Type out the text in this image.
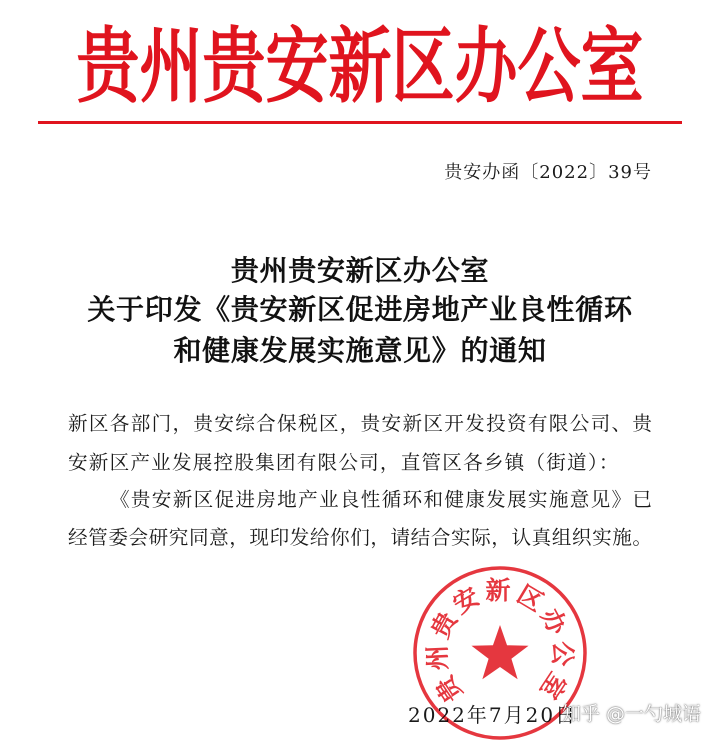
贵州贵安新区办公室
贵安办函〔2022〕39号
贵州贵安新区办公室
关于印发《贵安新区促进房地产业良性循环
和健康发展实施意见》的通知
新区各部门，贵安综合保税区，贵安新区开发投资有限公司、贵
安新区产业发展控股集团有限公司，直管区各乡镇（街道）：
《贵安新区促进房地产业良性循环和健康发展实施意见》已
经管委会研究同意，现印发给你们，请结合实际，认真组织实施。
2022年7月20日
贵州贵安新区办公室
知乎 @一勺城语
